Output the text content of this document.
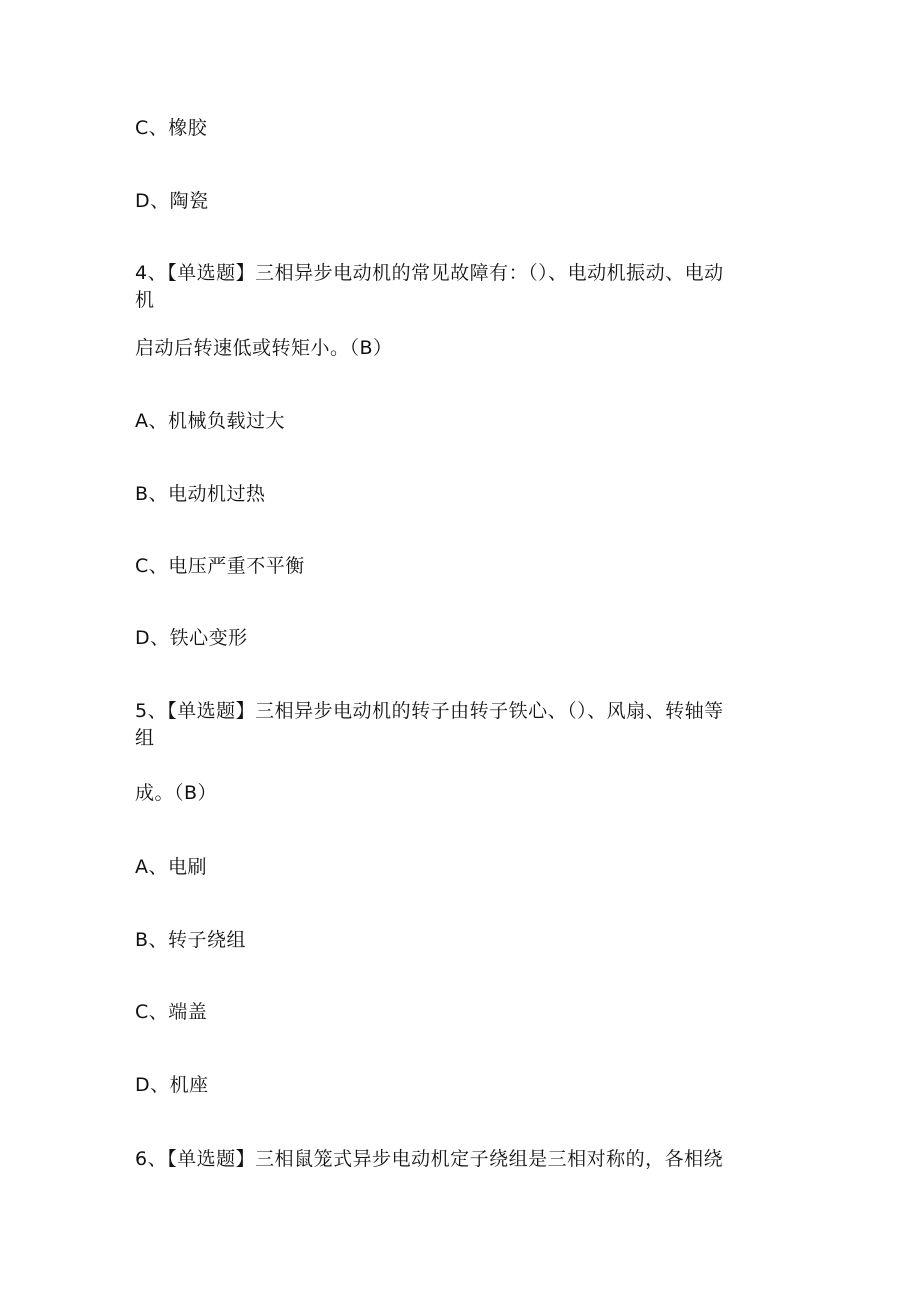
C、橡胶
D、陶瓷
4、【单选题】三相异步电动机的常见故障有：（）、电动机振动、电动
机
启动后转速低或转矩小。（B）
A、机械负载过大
B、电动机过热
C、电压严重不平衡
D、铁心变形
5、【单选题】三相异步电动机的转子由转子铁心、（）、风扇、转轴等
组
成。（B）
A、电刷
B、转子绕组
C、端盖
D、机座
6、【单选题】三相鼠笼式异步电动机定子绕组是三相对称的，各相绕
